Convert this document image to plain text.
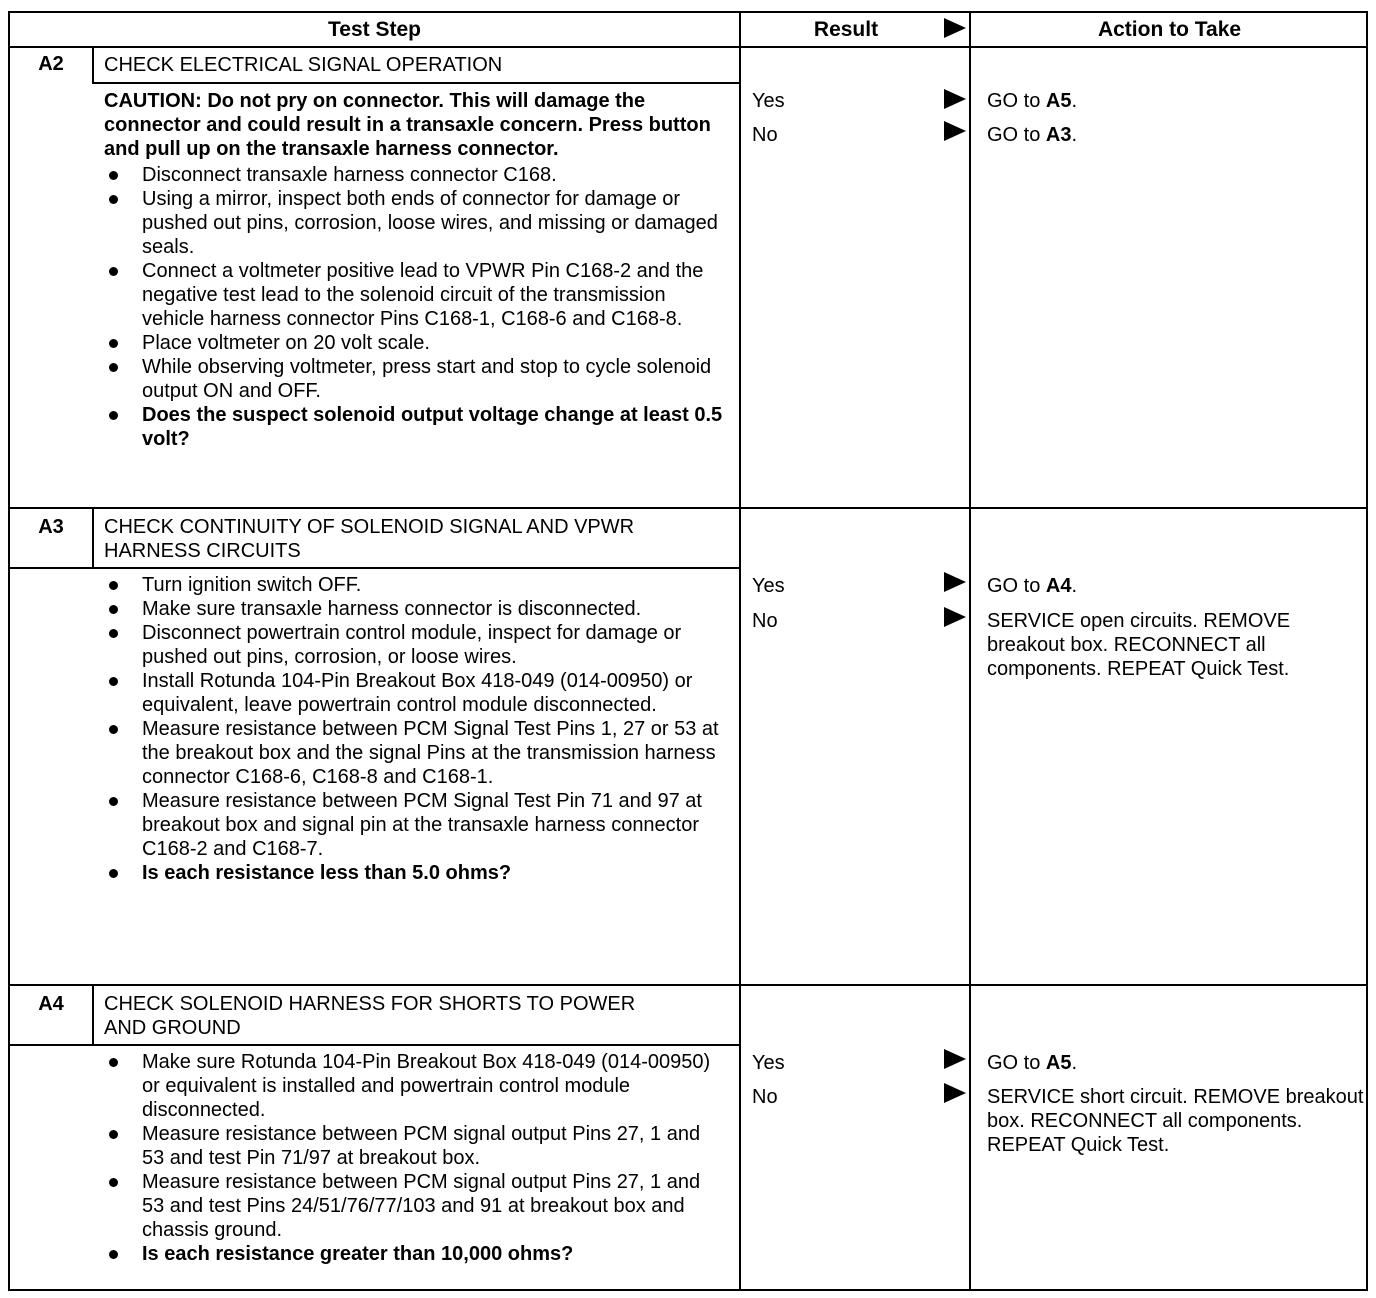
Test Step	Result	Action to Take
A2	CHECK ELECTRICAL SIGNAL OPERATION
CAUTION: Do not pry on connector. This will damage the connector and could result in a transaxle concern. Press button and pull up on the transaxle harness connector.
Disconnect transaxle harness connector C168.
Using a mirror, inspect both ends of connector for damage or pushed out pins, corrosion, loose wires, and missing or damaged seals.
Connect a voltmeter positive lead to VPWR Pin C168-2 and the negative test lead to the solenoid circuit of the transmission vehicle harness connector Pins C168-1, C168-6 and C168-8.
Place voltmeter on 20 volt scale.
While observing voltmeter, press start and stop to cycle solenoid output ON and OFF.
Does the suspect solenoid output voltage change at least 0.5 volt?
Yes	GO to A5.
No	GO to A3.
A3	CHECK CONTINUITY OF SOLENOID SIGNAL AND VPWR HARNESS CIRCUITS
Turn ignition switch OFF.
Make sure transaxle harness connector is disconnected.
Disconnect powertrain control module, inspect for damage or pushed out pins, corrosion, or loose wires.
Install Rotunda 104-Pin Breakout Box 418-049 (014-00950) or equivalent, leave powertrain control module disconnected.
Measure resistance between PCM Signal Test Pins 1, 27 or 53 at the breakout box and the signal Pins at the transmission harness connector C168-6, C168-8 and C168-1.
Measure resistance between PCM Signal Test Pin 71 and 97 at breakout box and signal pin at the transaxle harness connector C168-2 and C168-7.
Is each resistance less than 5.0 ohms?
Yes	GO to A4.
No	SERVICE open circuits. REMOVE breakout box. RECONNECT all components. REPEAT Quick Test.
A4	CHECK SOLENOID HARNESS FOR SHORTS TO POWER AND GROUND
Make sure Rotunda 104-Pin Breakout Box 418-049 (014-00950) or equivalent is installed and powertrain control module disconnected.
Measure resistance between PCM signal output Pins 27, 1 and 53 and test Pin 71/97 at breakout box.
Measure resistance between PCM signal output Pins 27, 1 and 53 and test Pins 24/51/76/77/103 and 91 at breakout box and chassis ground.
Is each resistance greater than 10,000 ohms?
Yes	GO to A5.
No	SERVICE short circuit. REMOVE breakout box. RECONNECT all components. REPEAT Quick Test.
